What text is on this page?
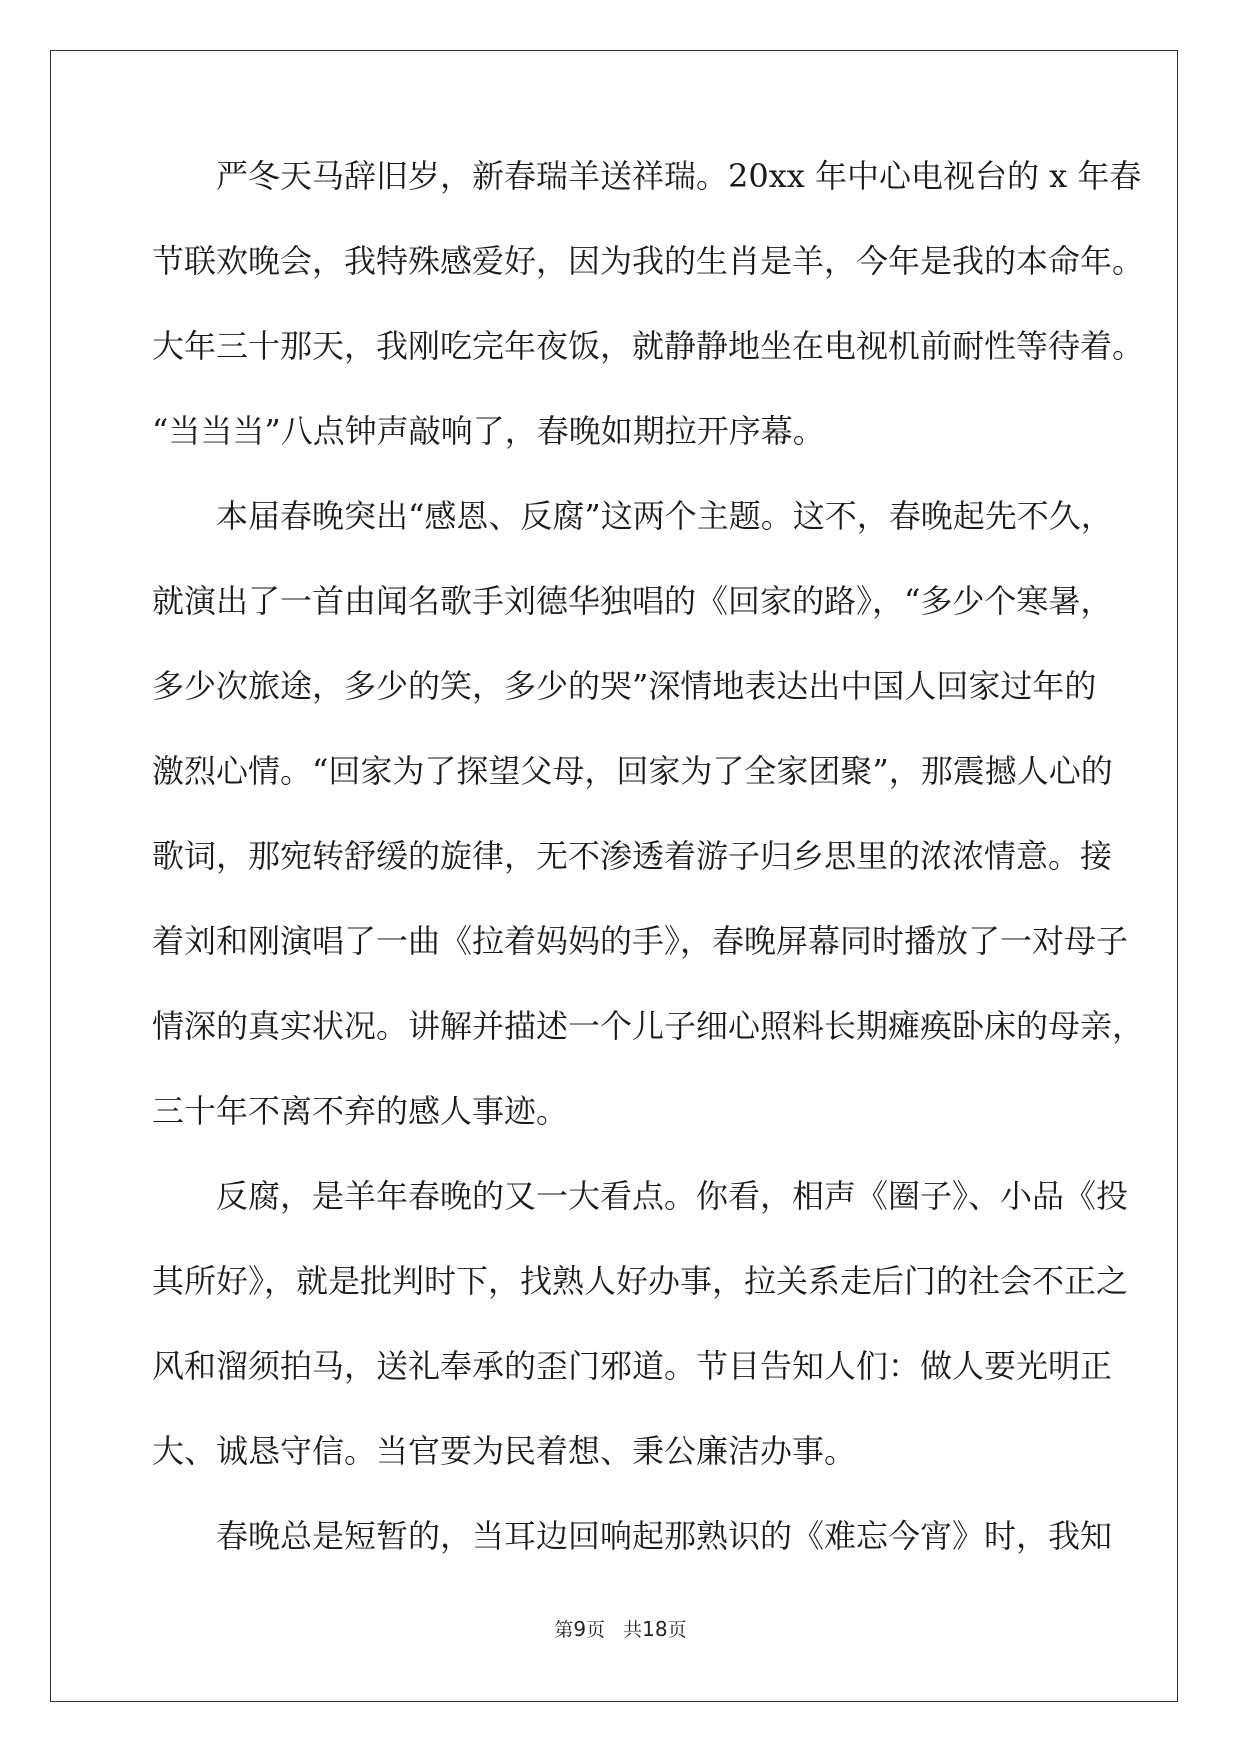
严冬天马辞旧岁，新春瑞羊送祥瑞。20xx 年中心电视台的 x 年春
节联欢晚会，我特殊感爱好，因为我的生肖是羊，今年是我的本命年。
大年三十那天，我刚吃完年夜饭，就静静地坐在电视机前耐性等待着。
“当当当”八点钟声敲响了，春晚如期拉开序幕。
本届春晚突出“感恩、反腐”这两个主题。这不，春晚起先不久，
就演出了一首由闻名歌手刘德华独唱的《回家的路》，“多少个寒暑，
多少次旅途，多少的笑，多少的哭”深情地表达出中国人回家过年的
激烈心情。“回家为了探望父母，回家为了全家团聚”，那震撼人心的
歌词，那宛转舒缓的旋律，无不渗透着游子归乡思里的浓浓情意。接
着刘和刚演唱了一曲《拉着妈妈的手》，春晚屏幕同时播放了一对母子
情深的真实状况。讲解并描述一个儿子细心照料长期瘫痪卧床的母亲，
三十年不离不弃的感人事迹。
反腐，是羊年春晚的又一大看点。你看，相声《圈子》、小品《投
其所好》，就是批判时下，找熟人好办事，拉关系走后门的社会不正之
风和溜须拍马，送礼奉承的歪门邪道。节目告知人们：做人要光明正
大、诚恳守信。当官要为民着想、秉公廉洁办事。
春晚总是短暂的，当耳边回响起那熟识的《难忘今宵》时，我知
第9页 共18页
